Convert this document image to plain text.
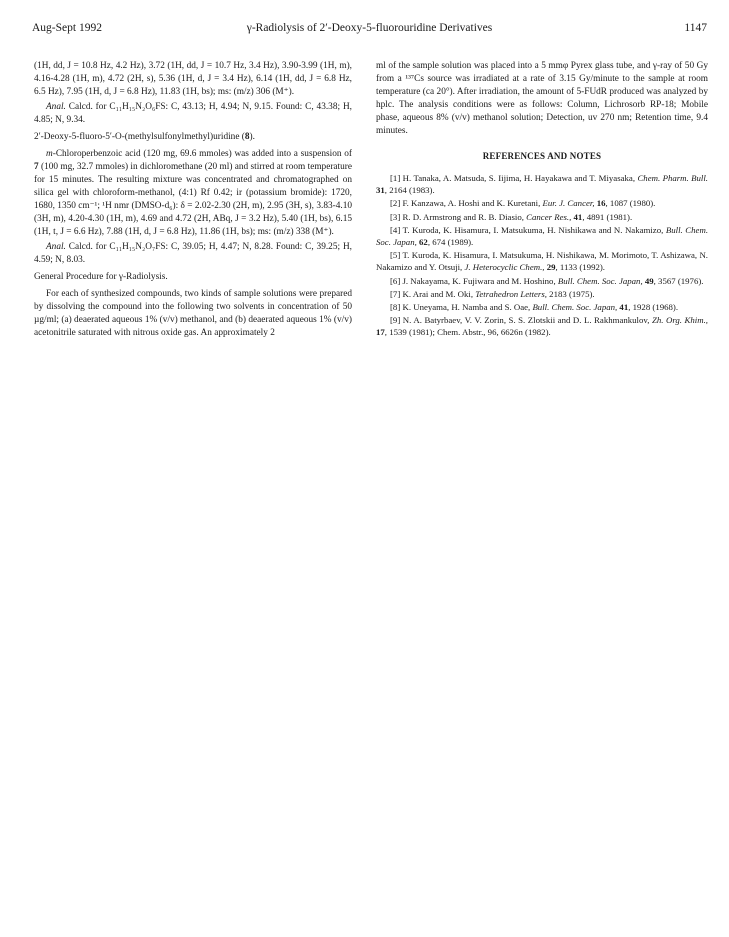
Aug-Sept 1992	γ-Radiolysis of 2′-Deoxy-5-fluorouridine Derivatives	1147

(1H, dd, J = 10.8 Hz, 4.2 Hz), 3.72 (1H, dd, J = 10.7 Hz, 3.4 Hz), 3.90-3.99 (1H, m), 4.16-4.28 (1H, m), 4.72 (2H, s), 5.36 (1H, d, J = 3.4 Hz), 6.14 (1H, dd, J = 6.8 Hz, 6.5 Hz), 7.95 (1H, d, J = 6.8 Hz), 11.83 (1H, bs); ms: (m/z) 306 (M⁺).

Anal. Calcd. for C₁₁H₁₅N₂O₆FS: C, 43.13; H, 4.94; N, 9.15. Found: C, 43.38; H, 4.85; N, 9.34.

2′-Deoxy-5-fluoro-5′-O-(methylsulfonylmethyl)uridine (8).

m-Chloroperbenzoic acid (120 mg, 69.6 mmoles) was added into a suspension of 7 (100 mg, 32.7 mmoles) in dichloromethane (20 ml) and stirred at room temperature for 15 minutes. The resulting mixture was concentrated and chromatographed on silica gel with chloroform-methanol, (4:1) Rf 0.42; ir (potassium bromide): 1720, 1680, 1350 cm⁻¹; ¹H nmr (DMSO-d₆): δ = 2.02-2.30 (2H, m), 2.95 (3H, s), 3.83-4.10 (3H, m), 4.20-4.30 (1H, m), 4.69 and 4.72 (2H, ABq, J = 3.2 Hz), 5.40 (1H, bs), 6.15 (1H, t, J = 6.6 Hz), 7.88 (1H, d, J = 6.8 Hz), 11.86 (1H, bs); ms: (m/z) 338 (M⁺).

Anal. Calcd. for C₁₁H₁₅N₂O₇FS: C, 39.05; H, 4.47; N, 8.28. Found: C, 39.25; H, 4.59; N, 8.03.

General Procedure for γ-Radiolysis.

For each of synthesized compounds, two kinds of sample solutions were prepared by dissolving the compound into the following two solvents in concentration of 50 µg/ml; (a) deaerated aqueous 1% (v/v) methanol, and (b) deaerated aqueous 1% (v/v) acetonitrile saturated with nitrous oxide gas. An approximately 2

ml of the sample solution was placed into a 5 mmφ Pyrex glass tube, and γ-ray of 50 Gy from a ¹³⁷Cs source was irradiated at a rate of 3.15 Gy/minute to the sample at room temperature (ca 20°). After irradiation, the amount of 5-FUdR produced was analyzed by hplc. The analysis conditions were as follows: Column, Lichrosorb RP-18; Mobile phase, aqueous 8% (v/v) methanol solution; Detection, uv 270 nm; Retention time, 9.4 minutes.

REFERENCES AND NOTES

[1] H. Tanaka, A. Matsuda, S. Iijima, H. Hayakawa and T. Miyasaka, Chem. Pharm. Bull. 31, 2164 (1983).

[2] F. Kanzawa, A. Hoshi and K. Kuretani, Eur. J. Cancer, 16, 1087 (1980).

[3] R. D. Armstrong and R. B. Diasio, Cancer Res., 41, 4891 (1981).

[4] T. Kuroda, K. Hisamura, I. Matsukuma, H. Nishikawa and N. Nakamizo, Bull. Chem. Soc. Japan, 62, 674 (1989).

[5] T. Kuroda, K. Hisamura, I. Matsukuma, H. Nishikawa, M. Morimoto, T. Ashizawa, N. Nakamizo and Y. Otsuji, J. Heterocyclic Chem., 29, 1133 (1992).

[6] J. Nakayama, K. Fujiwara and M. Hoshino, Bull. Chem. Soc. Japan, 49, 3567 (1976).

[7] K. Arai and M. Oki, Tetrahedron Letters, 2183 (1975).

[8] K. Uneyama, H. Namba and S. Oae, Bull. Chem. Soc. Japan, 41, 1928 (1968).

[9] N. A. Batyrbaev, V. V. Zorin, S. S. Zlotskii and D. L. Rakhmankulov, Zh. Org. Khim., 17, 1539 (1981); Chem. Abstr., 96, 6626n (1982).
